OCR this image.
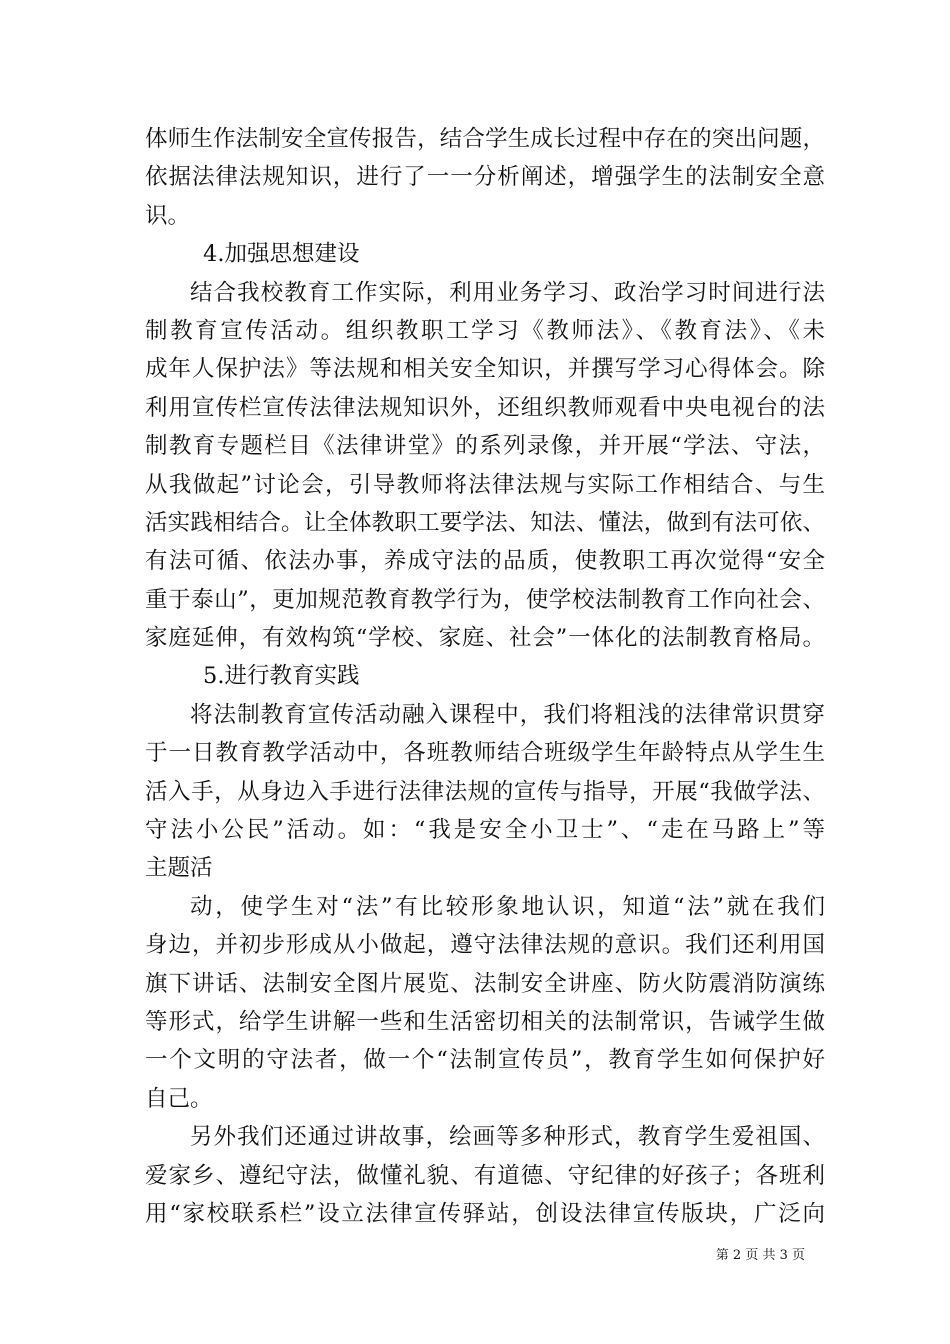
体师生作法制安全宣传报告，结合学生成长过程中存在的突出问题，
依据法律法规知识，进行了一一分析阐述，增强学生的法制安全意
识。
4.加强思想建设
结合我校教育工作实际，利用业务学习、政治学习时间进行法
制教育宣传活动。组织教职工学习《教师法》、《教育法》、《未
成年人保护法》等法规和相关安全知识，并撰写学习心得体会。除
利用宣传栏宣传法律法规知识外，还组织教师观看中央电视台的法
制教育专题栏目《法律讲堂》的系列录像，并开展“学法、守法，
从我做起”讨论会，引导教师将法律法规与实际工作相结合、与生
活实践相结合。让全体教职工要学法、知法、懂法，做到有法可依、
有法可循、依法办事，养成守法的品质，使教职工再次觉得“安全
重于泰山”，更加规范教育教学行为，使学校法制教育工作向社会、
家庭延伸，有效构筑“学校、家庭、社会”一体化的法制教育格局。
5.进行教育实践
将法制教育宣传活动融入课程中，我们将粗浅的法律常识贯穿
于一日教育教学活动中，各班教师结合班级学生年龄特点从学生生
活入手，从身边入手进行法律法规的宣传与指导，开展“我做学法、
守法小公民”活动。如：“我是安全小卫士”、“走在马路上”等
主题活
动，使学生对“法”有比较形象地认识，知道“法”就在我们
身边，并初步形成从小做起，遵守法律法规的意识。我们还利用国
旗下讲话、法制安全图片展览、法制安全讲座、防火防震消防演练
等形式，给学生讲解一些和生活密切相关的法制常识，告诫学生做
一个文明的守法者，做一个“法制宣传员”，教育学生如何保护好
自己。
另外我们还通过讲故事，绘画等多种形式，教育学生爱祖国、
爱家乡、遵纪守法，做懂礼貌、有道德、守纪律的好孩子；各班利
用“家校联系栏”设立法律宣传驿站，创设法律宣传版块，广泛向
第 2 页 共 3 页
